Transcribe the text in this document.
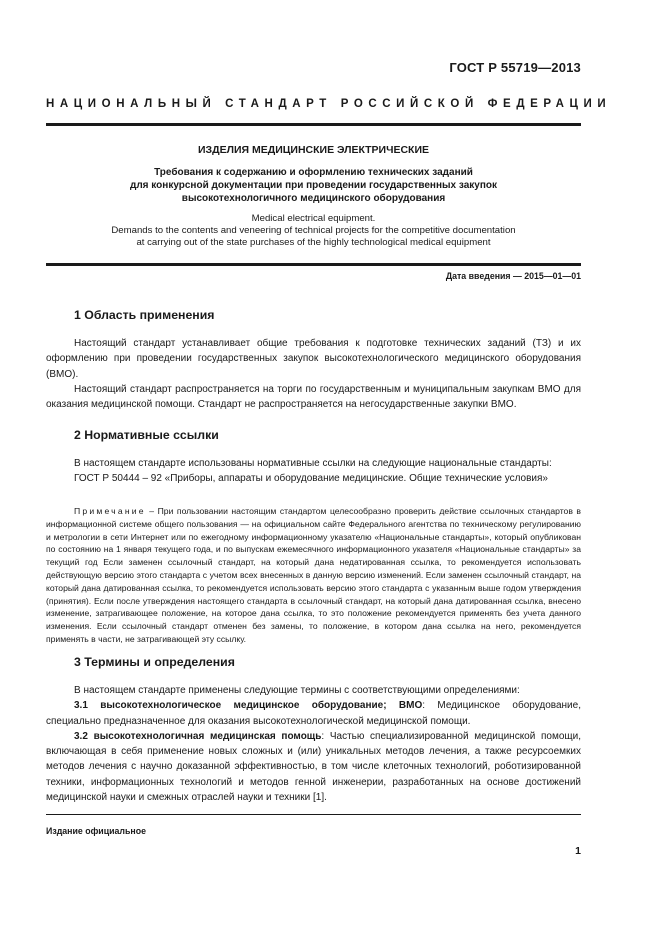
ГОСТ Р 55719—2013
НАЦИОНАЛЬНЫЙ СТАНДАРТ РОССИЙСКОЙ ФЕДЕРАЦИИ
ИЗДЕЛИЯ МЕДИЦИНСКИЕ ЭЛЕКТРИЧЕСКИЕ
Требования к содержанию и оформлению технических заданий
для конкурсной документации при проведении государственных закупок
высокотехнологичного медицинского оборудования
Medical electrical equipment.
Demands to the contents and veneering of technical projects for the competitive documentation
at carrying out of the state purchases of the highly technological medical equipment
Дата введения — 2015—01—01
1 Область применения

Настоящий стандарт устанавливает общие требования к подготовке технических заданий (ТЗ) и их оформлению при проведении государственных закупок высокотехнологического медицинского оборудования (ВМО).

Настоящий стандарт распространяется на торги по государственным и муниципальным закупкам ВМО для оказания медицинской помощи. Стандарт не распространяется на негосударственные закупки ВМО.

2 Нормативные ссылки

В настоящем стандарте использованы нормативные ссылки на следующие национальные стандарты:

ГОСТ Р 50444 – 92 «Приборы, аппараты и оборудование медицинские. Общие технические условия»

Примечание – При пользовании настоящим стандартом целесообразно проверить действие ссылочных стандартов в информационной системе общего пользования — на официальном сайте Федерального агентства по техническому регулированию и метрологии в сети Интернет или по ежегодному информационному указателю «Национальные стандарты», который опубликован по состоянию на 1 января текущего года, и по выпускам ежемесячного информационного указателя «Национальные стандарты» за текущий год Если заменен ссылочный стандарт, на который дана недатированная ссылка, то рекомендуется использовать действующую версию этого стандарта с учетом всех внесенных в данную версию изменений. Если заменен ссылочный стандарт, на который дана датированная ссылка, то рекомендуется использовать версию этого стандарта с указанным выше годом утверждения (принятия). Если после утверждения настоящего стандарта в ссылочный стандарт, на который дана датированная ссылка, внесено изменение, затрагивающее положение, на которое дана ссылка, то это положение рекомендуется применять без учета данного изменения. Если ссылочный стандарт отменен без замены, то положение, в котором дана ссылка на него, рекомендуется применять в части, не затрагивающей эту ссылку.

3 Термины и определения

В настоящем стандарте применены следующие термины с соответствующими определениями:

3.1 высокотехнологическое медицинское оборудование; ВМО: Медицинское оборудование, специально предназначенное для оказания высокотехнологической медицинской помощи.

3.2 высокотехнологичная медицинская помощь: Частью специализированной медицинской помощи, включающая в себя применение новых сложных и (или) уникальных методов лечения, а также ресурсоемких методов лечения с научно доказанной эффективностью, в том числе клеточных технологий, роботизированной техники, информационных технологий и методов генной инженерии, разработанных на основе достижений медицинской науки и смежных отраслей науки и техники [1].

Издание официальное
1
